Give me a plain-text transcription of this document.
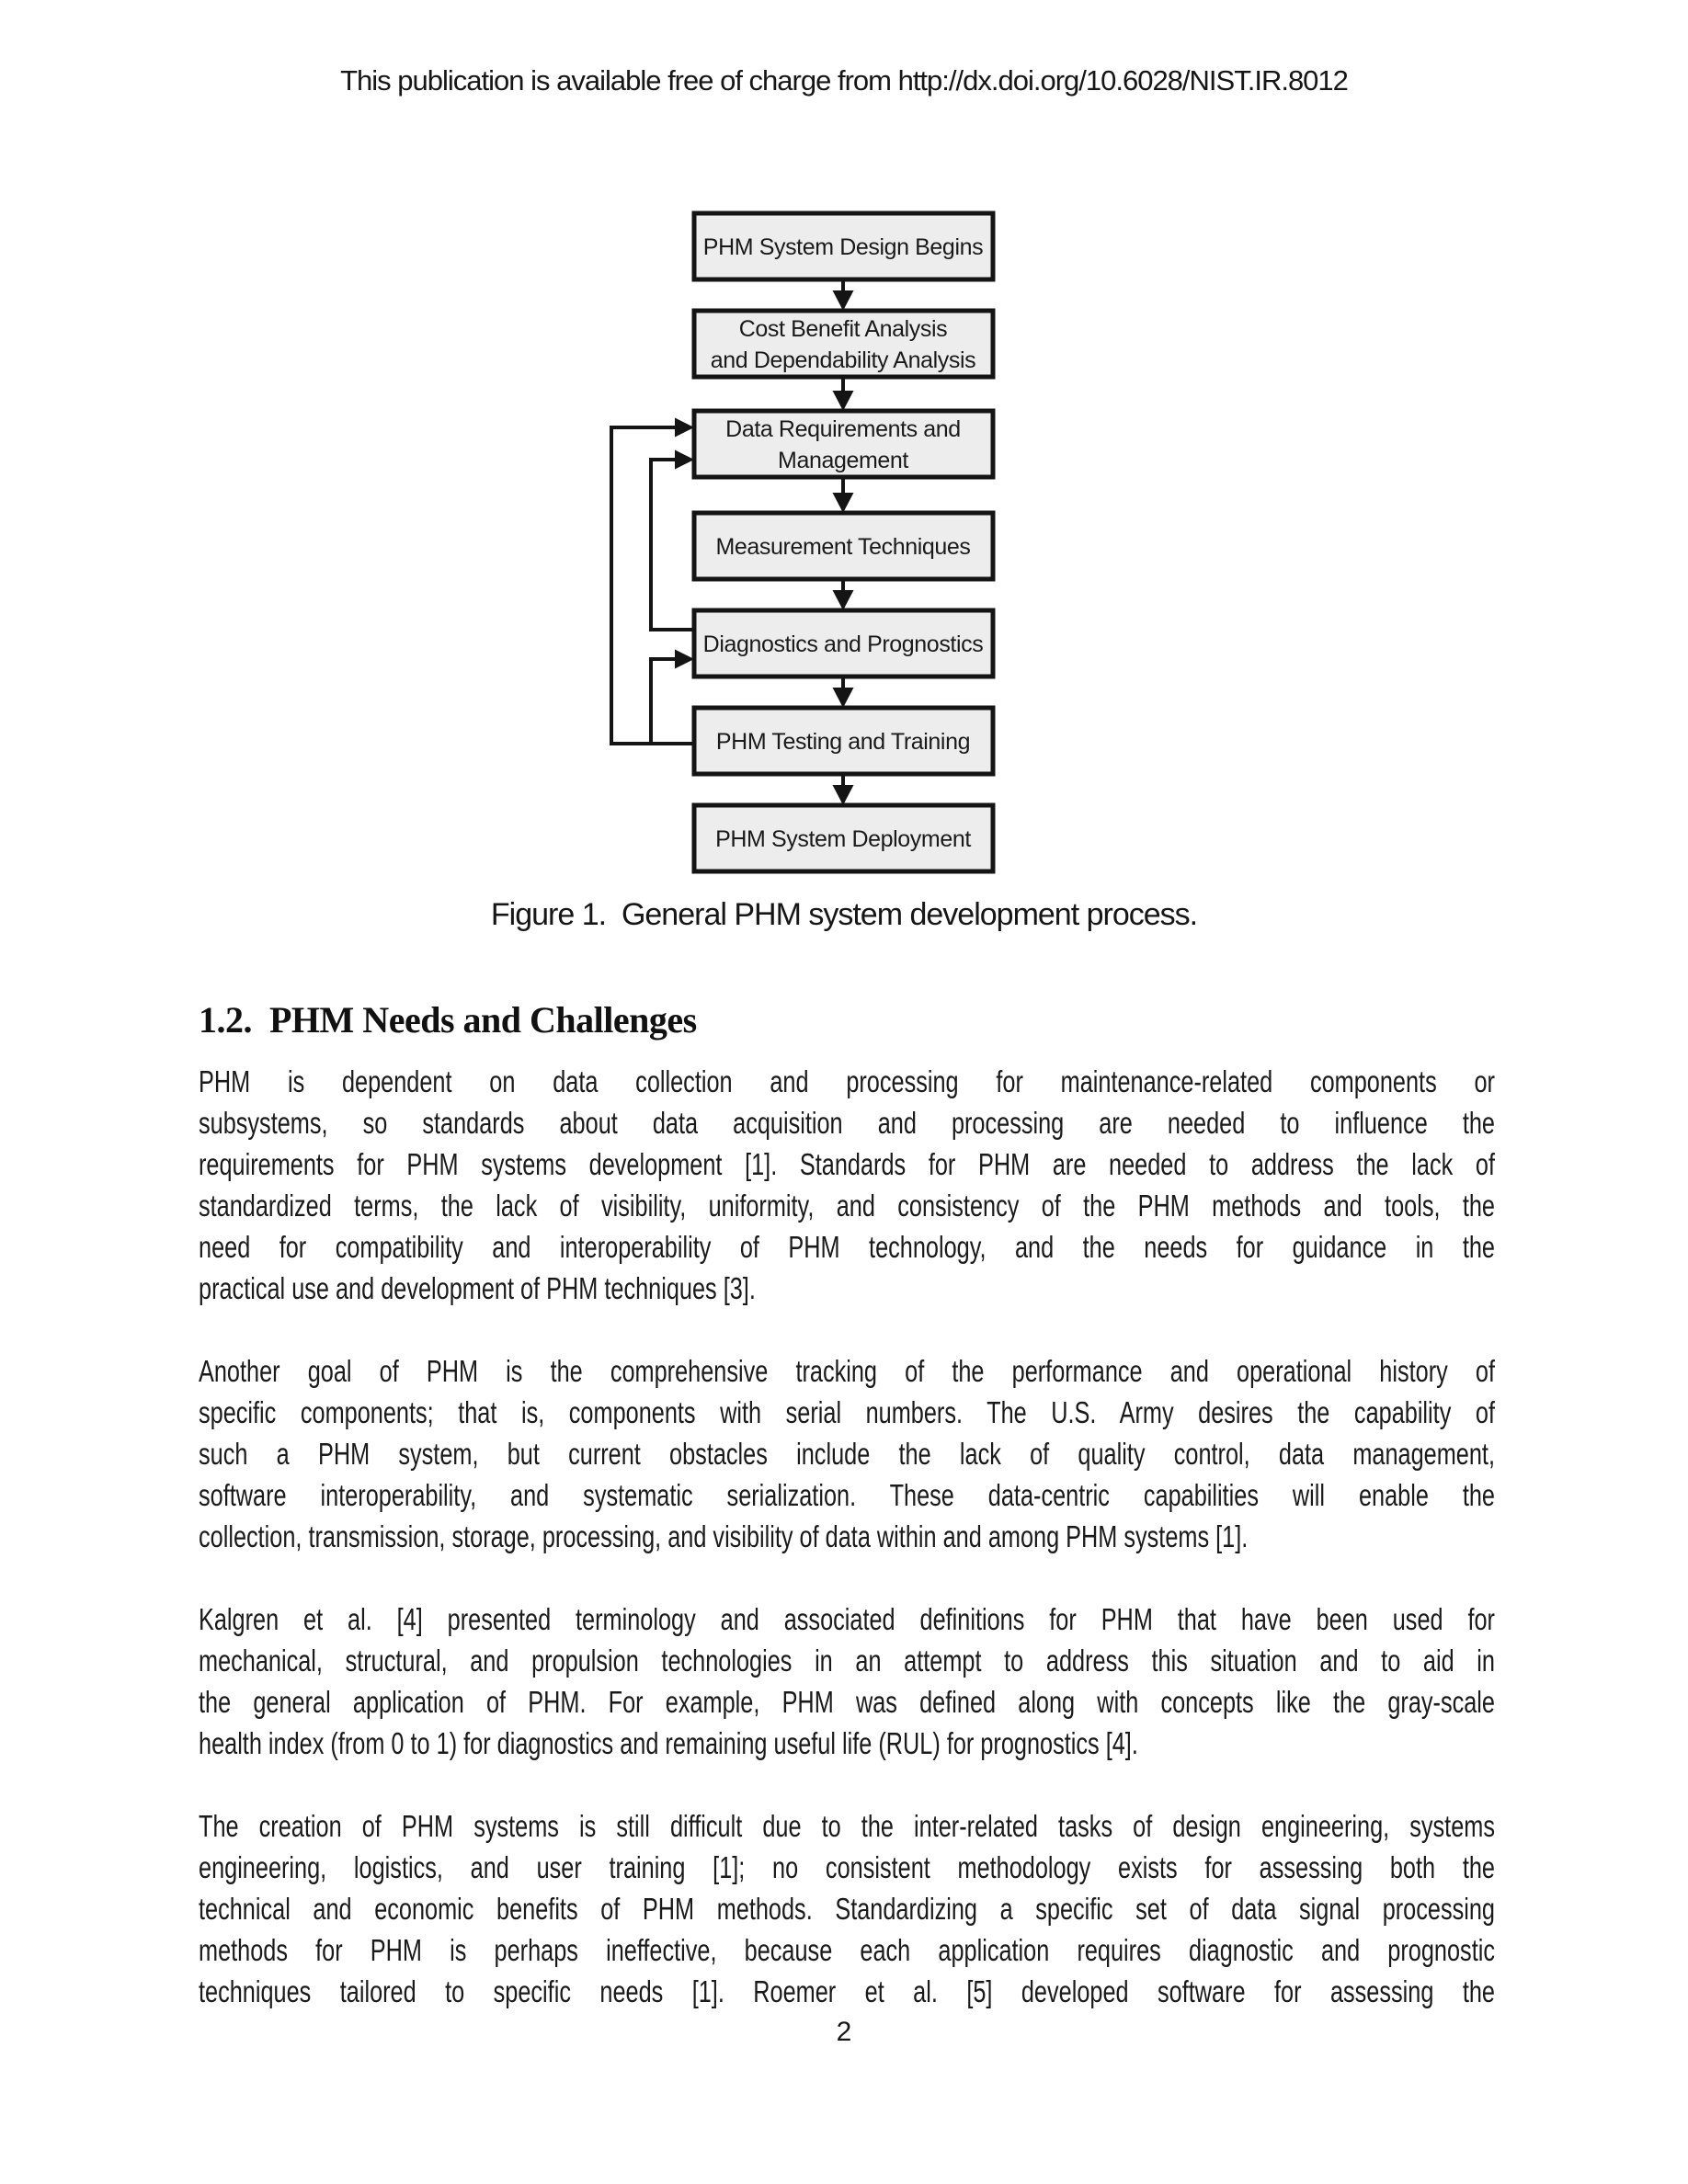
This publication is available free of charge from http://dx.doi.org/10.6028/NIST.IR.8012
PHM System Design Begins
Cost Benefit Analysis
and Dependability Analysis
Data Requirements and
Management
Measurement Techniques
Diagnostics and Prognostics
PHM Testing and Training
PHM System Deployment
Figure 1.  General PHM system development process.
1.2.  PHM Needs and Challenges
PHM is dependent on data collection and processing for maintenance-related components or
subsystems, so standards about data acquisition and processing are needed to influence the
requirements for PHM systems development [1]. Standards for PHM are needed to address the lack of
standardized terms, the lack of visibility, uniformity, and consistency of the PHM methods and tools, the
need for compatibility and interoperability of PHM technology, and the needs for guidance in the
practical use and development of PHM techniques [3].
Another goal of PHM is the comprehensive tracking of the performance and operational history of
specific components; that is, components with serial numbers. The U.S. Army desires the capability of
such a PHM system, but current obstacles include the lack of quality control, data management,
software interoperability, and systematic serialization. These data-centric capabilities will enable the
collection, transmission, storage, processing, and visibility of data within and among PHM systems [1].
Kalgren et al. [4] presented terminology and associated definitions for PHM that have been used for
mechanical, structural, and propulsion technologies in an attempt to address this situation and to aid in
the general application of PHM. For example, PHM was defined along with concepts like the gray-scale
health index (from 0 to 1) for diagnostics and remaining useful life (RUL) for prognostics [4].
The creation of PHM systems is still difficult due to the inter-related tasks of design engineering, systems
engineering, logistics, and user training [1]; no consistent methodology exists for assessing both the
technical and economic benefits of PHM methods. Standardizing a specific set of data signal processing
methods for PHM is perhaps ineffective, because each application requires diagnostic and prognostic
techniques tailored to specific needs [1]. Roemer et al. [5] developed software for assessing the
2
